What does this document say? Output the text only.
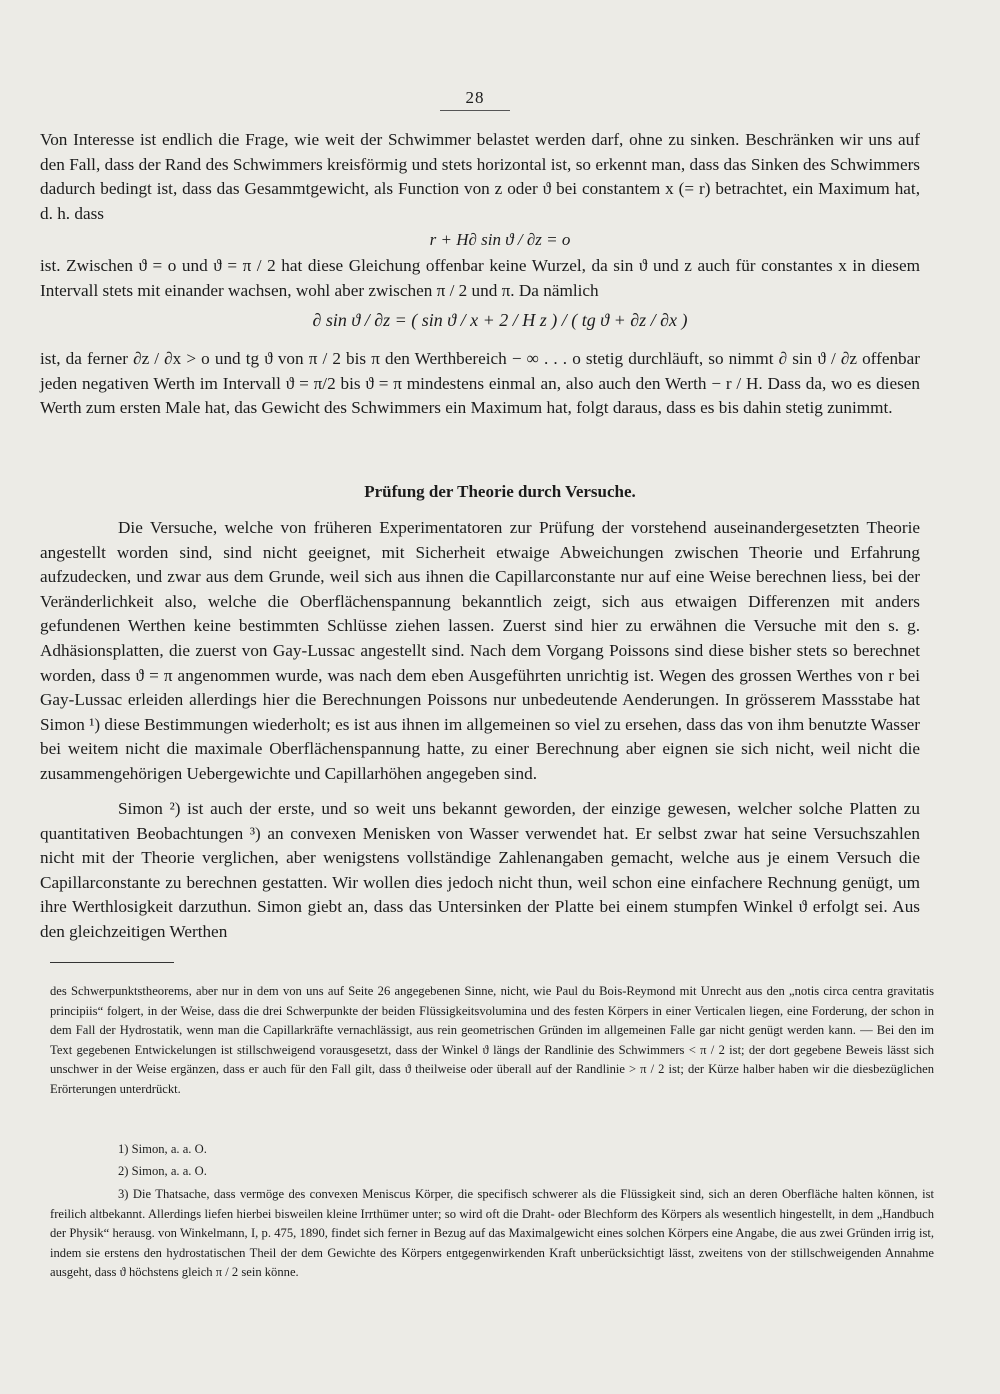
28
Von Interesse ist endlich die Frage, wie weit der Schwimmer belastet werden darf, ohne zu sinken. Beschränken wir uns auf den Fall, dass der Rand des Schwimmers kreisförmig und stets horizontal ist, so erkennt man, dass das Sinken des Schwimmers dadurch bedingt ist, dass das Gesammtgewicht, als Function von z oder ϑ bei constantem x (= r) betrachtet, ein Maximum hat, d. h. dass
r + H∂ sin ϑ / ∂z = o
ist. Zwischen ϑ = o und ϑ = π / 2 hat diese Gleichung offenbar keine Wurzel, da sin ϑ und z auch für constantes x in diesem Intervall stets mit einander wachsen, wohl aber zwischen π / 2 und π. Da nämlich
∂ sin ϑ / ∂z = ( sin ϑ / x + 2 / H z ) / ( tg ϑ + ∂z / ∂x )
ist, da ferner ∂z / ∂x > o und tg ϑ von π / 2 bis π den Werthbereich − ∞ . . . o stetig durchläuft, so nimmt ∂ sin ϑ / ∂z offenbar jeden negativen Werth im Intervall ϑ = π/2 bis ϑ = π mindestens einmal an, also auch den Werth − r / H. Dass da, wo es diesen Werth zum ersten Male hat, das Gewicht des Schwimmers ein Maximum hat, folgt daraus, dass es bis dahin stetig zunimmt.
Prüfung der Theorie durch Versuche.
Die Versuche, welche von früheren Experimentatoren zur Prüfung der vorstehend auseinandergesetzten Theorie angestellt worden sind, sind nicht geeignet, mit Sicherheit etwaige Abweichungen zwischen Theorie und Erfahrung aufzudecken, und zwar aus dem Grunde, weil sich aus ihnen die Capillarconstante nur auf eine Weise berechnen liess, bei der Veränderlichkeit also, welche die Oberflächenspannung bekanntlich zeigt, sich aus etwaigen Differenzen mit anders gefundenen Werthen keine bestimmten Schlüsse ziehen lassen. Zuerst sind hier zu erwähnen die Versuche mit den s. g. Adhäsionsplatten, die zuerst von Gay-Lussac angestellt sind. Nach dem Vorgang Poissons sind diese bisher stets so berechnet worden, dass ϑ = π angenommen wurde, was nach dem eben Ausgeführten unrichtig ist. Wegen des grossen Werthes von r bei Gay-Lussac erleiden allerdings hier die Berechnungen Poissons nur unbedeutende Aenderungen. In grösserem Massstabe hat Simon ¹) diese Bestimmungen wiederholt; es ist aus ihnen im allgemeinen so viel zu ersehen, dass das von ihm benutzte Wasser bei weitem nicht die maximale Oberflächenspannung hatte, zu einer Berechnung aber eignen sie sich nicht, weil nicht die zusammengehörigen Uebergewichte und Capillarhöhen angegeben sind.
Simon ²) ist auch der erste, und so weit uns bekannt geworden, der einzige gewesen, welcher solche Platten zu quantitativen Beobachtungen ³) an convexen Menisken von Wasser verwendet hat. Er selbst zwar hat seine Versuchszahlen nicht mit der Theorie verglichen, aber wenigstens vollständige Zahlenangaben gemacht, welche aus je einem Versuch die Capillarconstante zu berechnen gestatten. Wir wollen dies jedoch nicht thun, weil schon eine einfachere Rechnung genügt, um ihre Werthlosigkeit darzuthun. Simon giebt an, dass das Untersinken der Platte bei einem stumpfen Winkel ϑ erfolgt sei. Aus den gleichzeitigen Werthen
des Schwerpunktstheorems, aber nur in dem von uns auf Seite 26 angegebenen Sinne, nicht, wie Paul du Bois-Reymond mit Unrecht aus den „notis circa centra gravitatis principiis“ folgert, in der Weise, dass die drei Schwerpunkte der beiden Flüssigkeitsvolumina und des festen Körpers in einer Verticalen liegen, eine Forderung, der schon in dem Fall der Hydrostatik, wenn man die Capillarkräfte vernachlässigt, aus rein geometrischen Gründen im allgemeinen Falle gar nicht genügt werden kann. — Bei den im Text gegebenen Entwickelungen ist stillschweigend vorausgesetzt, dass der Winkel ϑ längs der Randlinie des Schwimmers < π / 2 ist; der dort gegebene Beweis lässt sich unschwer in der Weise ergänzen, dass er auch für den Fall gilt, dass ϑ theilweise oder überall auf der Randlinie > π / 2 ist; der Kürze halber haben wir die diesbezüglichen Erörterungen unterdrückt.
1) Simon, a. a. O.
2) Simon, a. a. O.
3) Die Thatsache, dass vermöge des convexen Meniscus Körper, die specifisch schwerer als die Flüssigkeit sind, sich an deren Oberfläche halten können, ist freilich altbekannt. Allerdings liefen hierbei bisweilen kleine Irrthümer unter; so wird oft die Draht- oder Blechform des Körpers als wesentlich hingestellt, in dem „Handbuch der Physik“ herausg. von Winkelmann, I, p. 475, 1890, findet sich ferner in Bezug auf das Maximalgewicht eines solchen Körpers eine Angabe, die aus zwei Gründen irrig ist, indem sie erstens den hydrostatischen Theil der dem Gewichte des Körpers entgegenwirkenden Kraft unberücksichtigt lässt, zweitens von der stillschweigenden Annahme ausgeht, dass ϑ höchstens gleich π / 2 sein könne.
